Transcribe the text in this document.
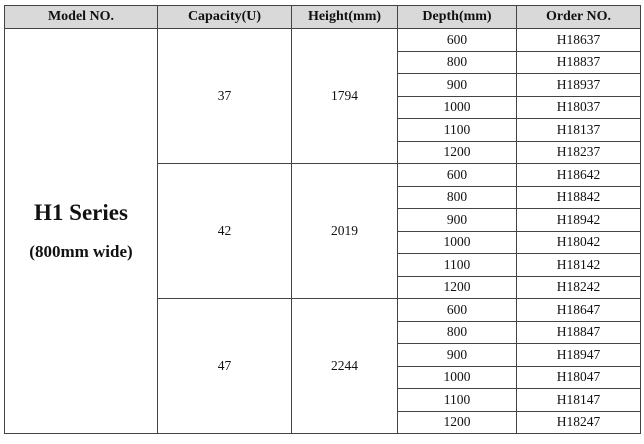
Model NO.	Capacity(U)	Height(mm)	Depth(mm)	Order NO.

H1 Series
(800mm wide)	37	1794	600	H18637
			800	H18837
			900	H18937
			1000	H18037
			1100	H18137
			1200	H18237
	42	2019	600	H18642
			800	H18842
			900	H18942
			1000	H18042
			1100	H18142
			1200	H18242
	47	2244	600	H18647
			800	H18847
			900	H18947
			1000	H18047
			1100	H18147
			1200	H18247
